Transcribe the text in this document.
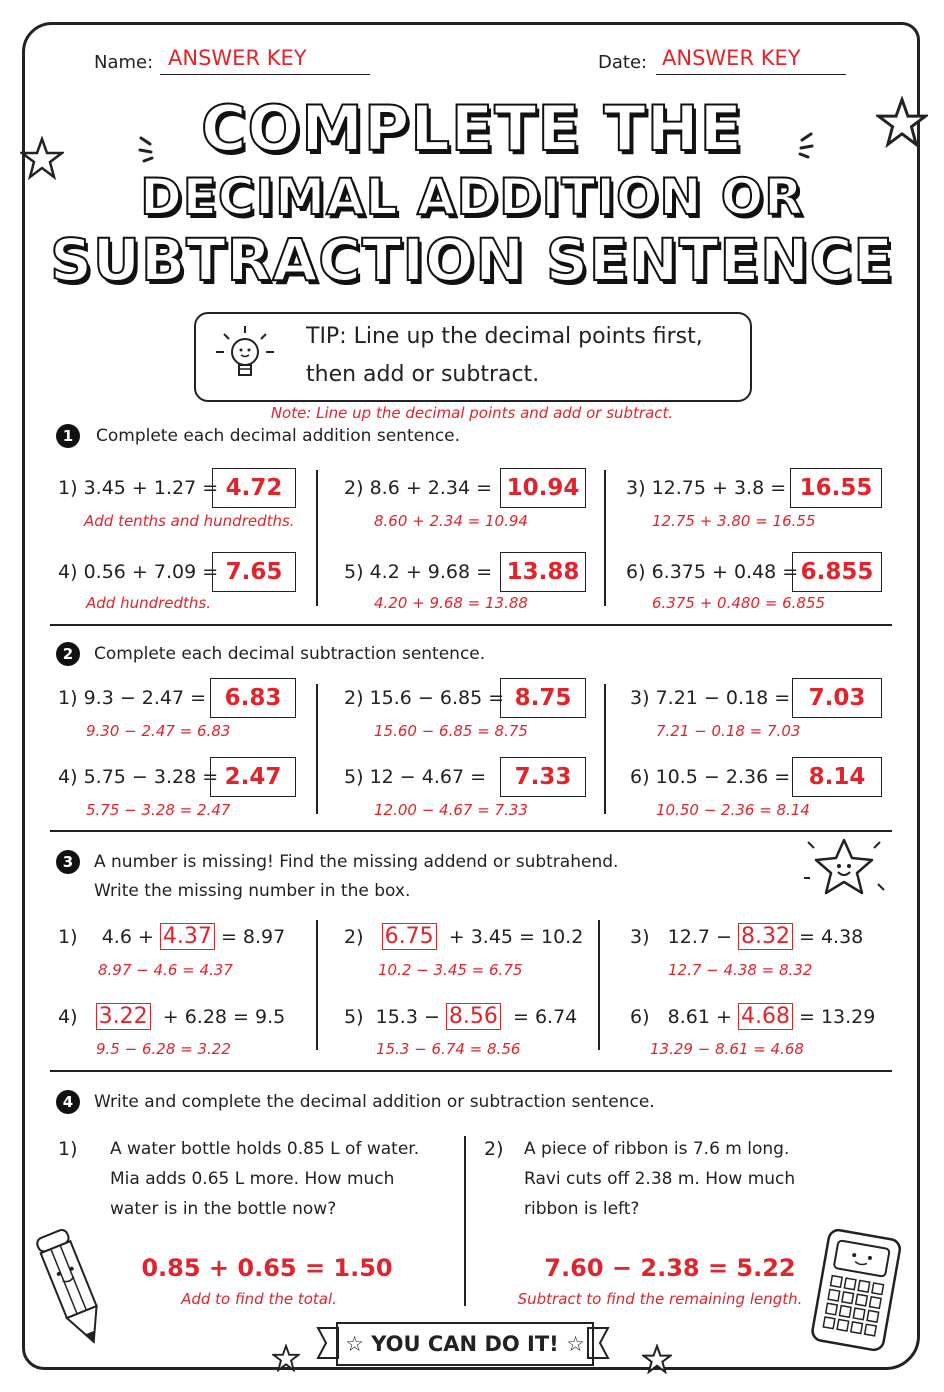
Name: ANSWER KEY	Date: ANSWER KEY
COMPLETE THE
DECIMAL ADDITION OR
SUBTRACTION SENTENCE
TIP: Line up the decimal points first,
then add or subtract.
Note: Line up the decimal points and add or subtract.
1	Complete each decimal addition sentence.
1) 3.45 + 1.27 = 4.72
Add tenths and hundredths.
2) 8.6 + 2.34 = 10.94
8.60 + 2.34 = 10.94
3) 12.75 + 3.8 = 16.55
12.75 + 3.80 = 16.55
4) 0.56 + 7.09 = 7.65
Add hundredths.
5) 4.2 + 9.68 = 13.88
4.20 + 9.68 = 13.88
6) 6.375 + 0.48 = 6.855
6.375 + 0.480 = 6.855
2	Complete each decimal subtraction sentence.
1) 9.3 − 2.47 = 6.83
9.30 − 2.47 = 6.83
2) 15.6 − 6.85 = 8.75
15.60 − 6.85 = 8.75
3) 7.21 − 0.18 = 7.03
7.21 − 0.18 = 7.03
4) 5.75 − 3.28 = 2.47
5.75 − 3.28 = 2.47
5) 12 − 4.67 =	7.33
12.00 − 4.67 = 7.33
6) 10.5 − 2.36 = 8.14
10.50 − 2.36 = 8.14
3	A number is missing! Find the missing addend or subtrahend.
Write the missing number in the box.
1) 4.6 + 4.37 = 8.97
8.97 − 4.6 = 4.37
2) 6.75 + 3.45 = 10.2
10.2 − 3.45 = 6.75
3) 12.7 − 8.32 = 4.38
12.7 − 4.38 = 8.32
4) 3.22 + 6.28 = 9.5
9.5 − 6.28 = 3.22
5) 15.3 − 8.56 = 6.74
15.3 − 6.74 = 8.56
6) 8.61 + 4.68 = 13.29
13.29 − 8.61 = 4.68
4	Write and complete the decimal addition or subtraction sentence.
1) A water bottle holds 0.85 L of water.
Mia adds 0.65 L more. How much
water is in the bottle now?
0.85 + 0.65 = 1.50
Add to find the total.
2) A piece of ribbon is 7.6 m long.
Ravi cuts off 2.38 m. How much
ribbon is left?
7.60 − 2.38 = 5.22
Subtract to find the remaining length.
☆ YOU CAN DO IT! ☆
